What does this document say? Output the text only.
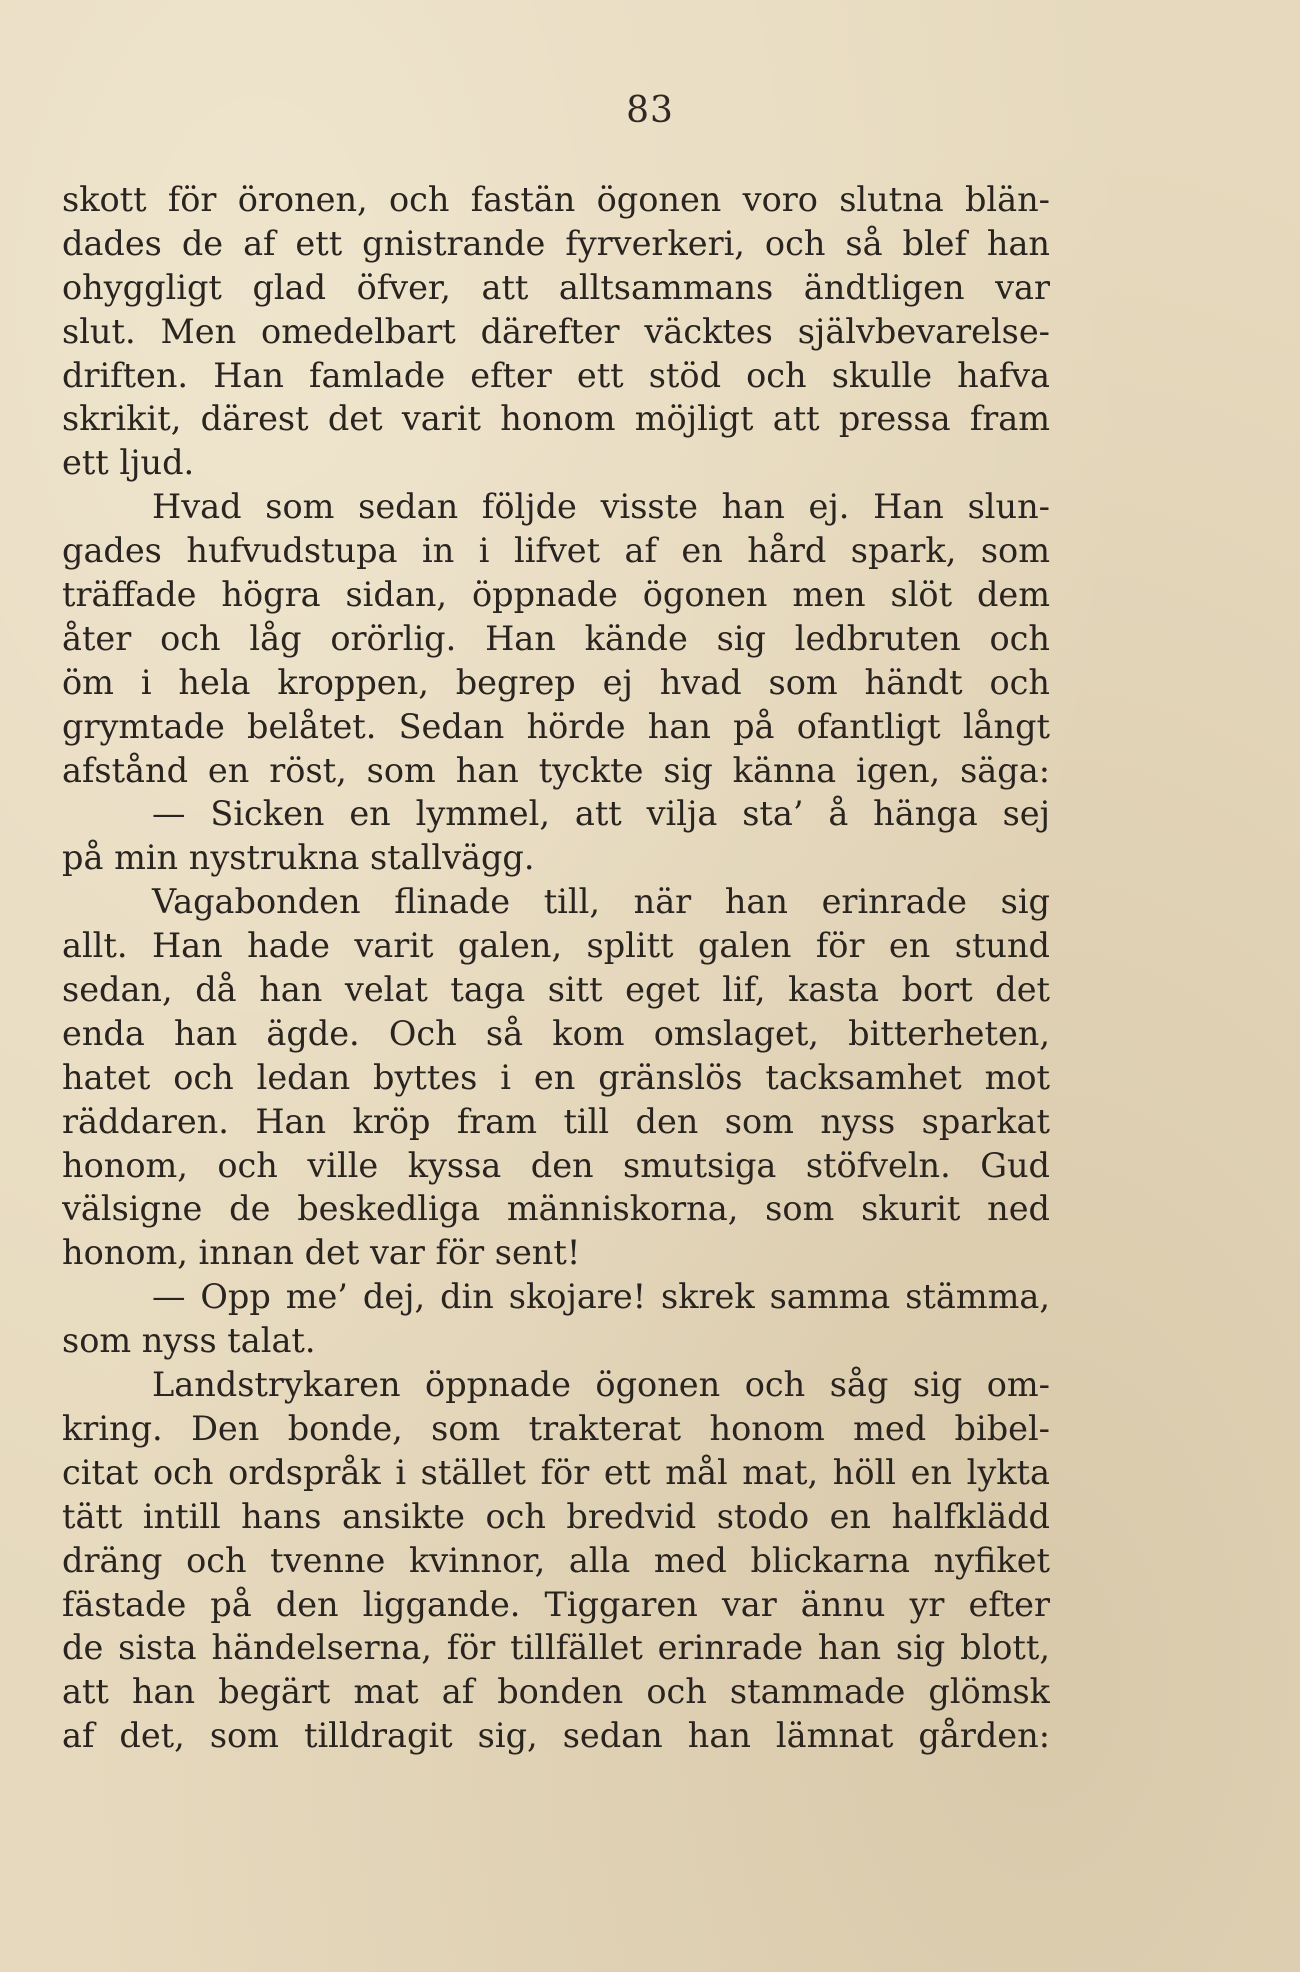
83
skott för öronen, och fastän ögonen voro slutna blän-
dades de af ett gnistrande fyrverkeri, och så blef han
ohyggligt glad öfver, att alltsammans ändtligen var
slut. Men omedelbart därefter väcktes självbevarelse-
driften. Han famlade efter ett stöd och skulle hafva
skrikit, därest det varit honom möjligt att pressa fram
ett ljud.
Hvad som sedan följde visste han ej. Han slun-
gades hufvudstupa in i lifvet af en hård spark, som
träffade högra sidan, öppnade ögonen men slöt dem
åter och låg orörlig. Han kände sig ledbruten och
öm i hela kroppen, begrep ej hvad som händt och
grymtade belåtet. Sedan hörde han på ofantligt långt
afstånd en röst, som han tyckte sig känna igen, säga:
— Sicken en lymmel, att vilja sta’ å hänga sej
på min nystrukna stallvägg.
Vagabonden flinade till, när han erinrade sig
allt. Han hade varit galen, splitt galen för en stund
sedan, då han velat taga sitt eget lif, kasta bort det
enda han ägde. Och så kom omslaget, bitterheten,
hatet och ledan byttes i en gränslös tacksamhet mot
räddaren. Han kröp fram till den som nyss sparkat
honom, och ville kyssa den smutsiga stöfveln. Gud
välsigne de beskedliga människorna, som skurit ned
honom, innan det var för sent!
— Opp me’ dej, din skojare! skrek samma stämma,
som nyss talat.
Landstrykaren öppnade ögonen och såg sig om-
kring. Den bonde, som trakterat honom med bibel-
citat och ordspråk i stället för ett mål mat, höll en lykta
tätt intill hans ansikte och bredvid stodo en halfklädd
dräng och tvenne kvinnor, alla med blickarna nyfiket
fästade på den liggande. Tiggaren var ännu yr efter
de sista händelserna, för tillfället erinrade han sig blott,
att han begärt mat af bonden och stammade glömsk
af det, som tilldragit sig, sedan han lämnat gården:
